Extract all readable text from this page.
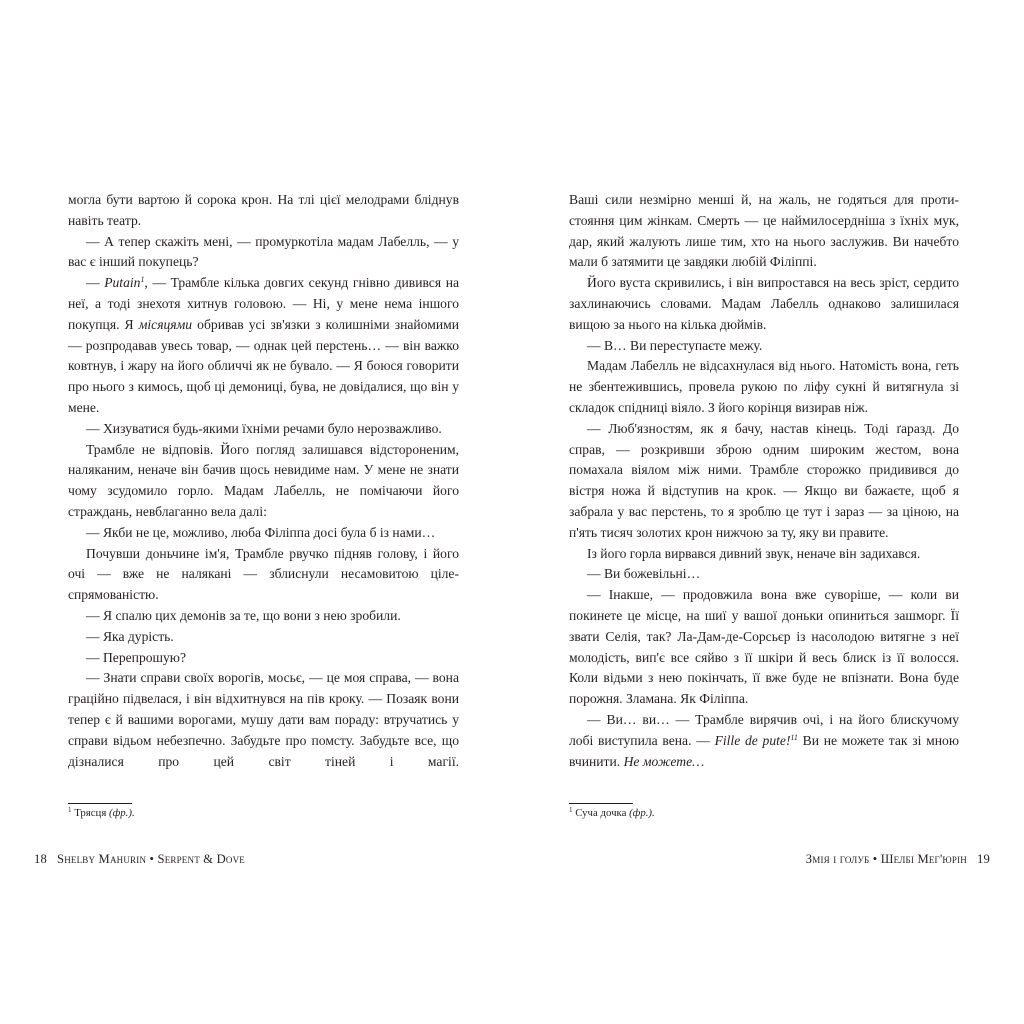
могла бути вартою й сорока крон. На тлі цієї мелодрами бліднув навіть театр.

— А тепер скажіть мені, — промуркотіла мадам Лабелль, — у вас є інший покупець?

— Putain$^1$, — Трамбле кілька довгих секунд гнівно дивився на неї, а тоді знехотя хитнув головою. — Ні, у мене нема іншого покупця. Я місяцями обривав усі зв'язки з колишніми знайомими — розпродавав увесь товар, — однак цей перстень… — він важко ковтнув, і жару на його обличчі як не бувало. — Я боюся говорити про нього з кимось, щоб ці демониці, бува, не довідалися, що він у мене.

— Хизуватися будь-якими їхніми речами було нерозважливо.

Трамбле не відповів. Його погляд залишався відстороненим, наляканим, неначе він бачив щось невидиме нам. У мене не знати чому зсудомило горло. Мадам Лабелль, не помічаючи його страждань, невблаганно вела далі:

— Якби не це, можливо, люба Філіппа досі була б із нами…

Почувши доньчине ім'я, Трамбле рвучко підняв голову, і його очі — вже не налякані — зблиснули несамовитою цілеспрямованістю.

— Я спалю цих демонів за те, що вони з нею зробили.

— Яка дурість.

— Перепрошую?

— Знати справи своїх ворогів, мосьє, — це моя справа, — вона граційно підвелася, і він відхитнувся на пів кроку. — Позаяк вони тепер є й вашими ворогами, мушу дати вам пораду: втручатись у справи відьом небезпечно. Забудьте про помсту. Забудьте все, що дізналися про цей світ тіней і магії.

$^1$ Трясця (фр.).
18 Shelby Mahurin • Serpent & Dove

Ваші сили незмірно менші й, на жаль, не годяться для протистояння цим жінкам. Смерть — це наймилосердніша з їхніх мук, дар, який жалують лише тим, хто на нього заслужив. Ви начебто мали б затямити це завдяки любій Філіппі.

Його вуста скривились, і він випростався на весь зріст, сердито захлинаючись словами. Мадам Лабелль однаково залишилася вищою за нього на кілька дюймів.

— В… Ви переступаєте межу.

Мадам Лабелль не відсахнулася від нього. Натомість вона, геть не збентежившись, провела рукою по ліфу сукні й витягнула зі складок спідниці віяло. З його корінця визирав ніж.

— Люб'язностям, як я бачу, настав кінець. Тоді ґаразд. До справ, — розкривши зброю одним широким жестом, вона помахала віялом між ними. Трамбле сторожко придивився до вістря ножа й відступив на крок. — Якщо ви бажаєте, щоб я забрала у вас перстень, то я зроблю це тут і зараз — за ціною, на п'ять тисяч золотих крон нижчою за ту, яку ви правите.

Із його горла вирвався дивний звук, неначе він задихався.

— Ви божевільні…

— Інакше, — продовжила вона вже суворіше, — коли ви покинете це місце, на шиї у вашої доньки опиниться зашморг. Її звати Селія, так? Ла-Дам-де-Сорсьєр із насолодою витягне з неї молодість, вип'є все сяйво з її шкіри й весь блиск із її волосся. Коли відьми з нею покінчать, її вже буде не впізнати. Вона буде порожня. Зламана. Як Філіппа.

— Ви… ви… — Трамбле вирячив очі, і на його блискучому лобі виступила вена. — Fille de pute!$^{11}$ Ви не можете так зі мною вчинити. Не можете…

$^1$ Суча дочка (фр.).
Змія і голуб • Шелбі Мег'юрін 19
